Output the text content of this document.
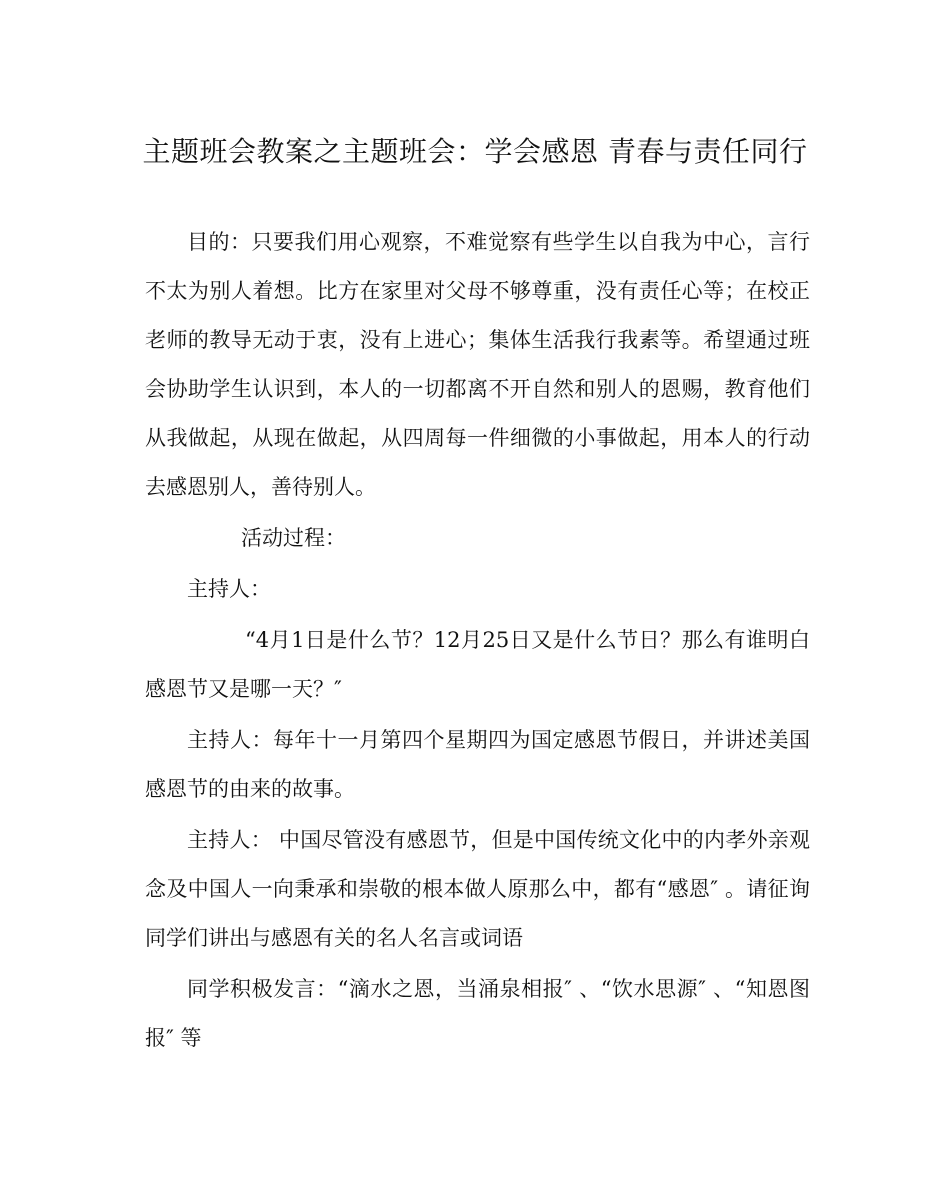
主题班会教案之主题班会：学会感恩 青春与责任同行

目的：只要我们用心观察，不难觉察有些学生以自我为中心，言行不太为别人着想。比方在家里对父母不够尊重，没有责任心等；在校正老师的教导无动于衷，没有上进心；集体生活我行我素等。希望通过班会协助学生认识到，本人的一切都离不开自然和别人的恩赐，教育他们从我做起，从现在做起，从四周每一件细微的小事做起，用本人的行动去感恩别人，善待别人。

活动过程：

主持人：

“4月1日是什么节？12月25日又是什么节日？那么有谁明白感恩节又是哪一天？″

主持人：每年十一月第四个星期四为国定感恩节假日，并讲述美国感恩节的由来的故事。

主持人： 中国尽管没有感恩节，但是中国传统文化中的内孝外亲观念及中国人一向秉承和崇敬的根本做人原那么中，都有“感恩″ 。请征询同学们讲出与感恩有关的名人名言或词语

同学积极发言：“滴水之恩，当涌泉相报″ 、“饮水思源″ 、“知恩图报″ 等
